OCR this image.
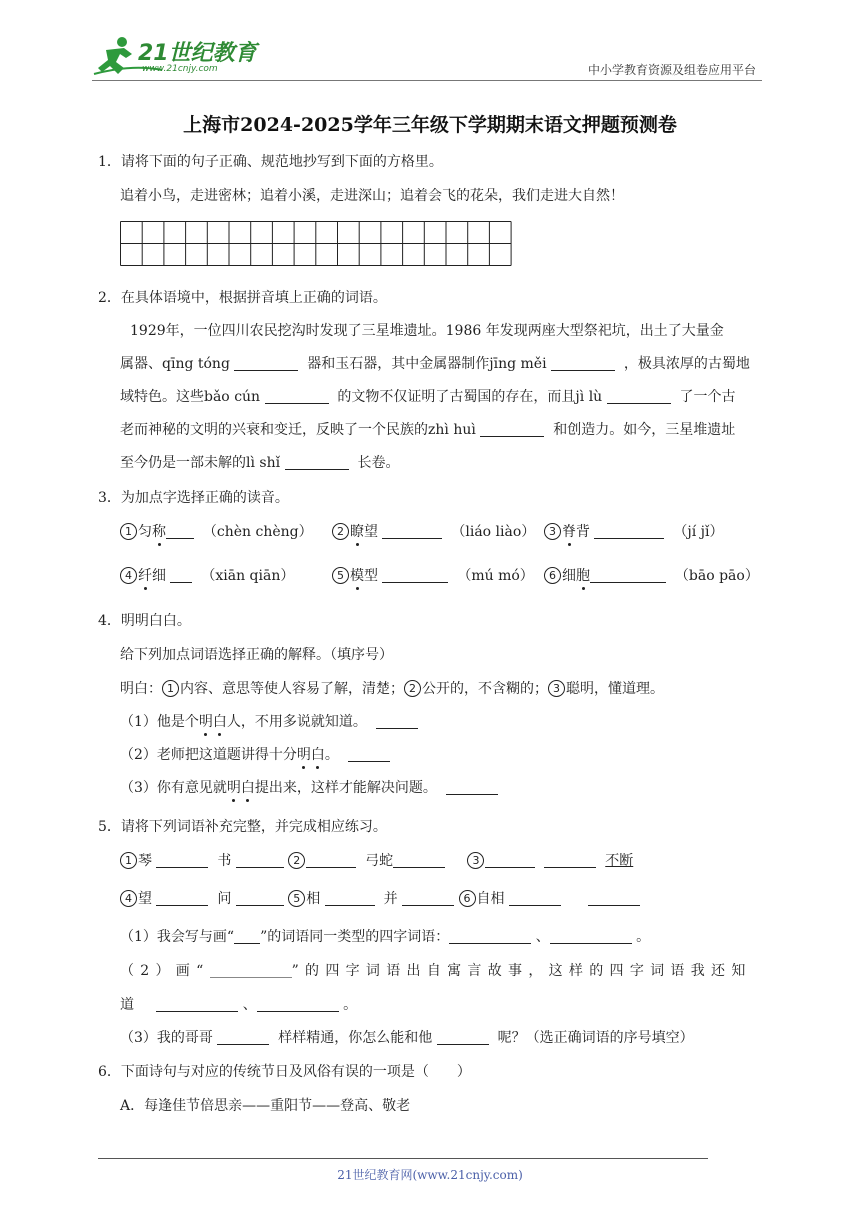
21世纪教育
www.21cnjy.com	中小学教育资源及组卷应用平台
上海市2024-2025学年三年级下学期期末语文押题预测卷
1．请将下面的句子正确、规范地抄写到下面的方格里。
追着小鸟，走进密林；追着小溪，走进深山；追着会飞的花朵，我们走进大自然！
2．在具体语境中，根据拼音填上正确的词语。
1929年，一位四川农民挖沟时发现了三星堆遗址。1986 年发现两座大型祭祀坑，出土了大量金
属器、qīng tóng	器和玉石器，其中金属器制作jīng měi	，极具浓厚的古蜀地
域特色。这些bǎo cún	的文物不仅证明了古蜀国的存在，而且jì lù	了一个古
老而神秘的文明的兴衰和变迁，反映了一个民族的zhì huì	和创造力。如今，三星堆遗址
至今仍是一部未解的lì shǐ	长卷。
3．为加点字选择正确的读音。
1 匀称	（chèn chèng）	2 瞭望	（liáo liào）	3 脊背	（jí jǐ）
4 纤细	（xiān qiān）	5 模型	（mú mó）	6 细胞	（bāo pāo）
4．明明白白。
给下列加点词语选择正确的解释。（填序号）
明白： 1 内容、意思等使人容易了解，清楚； 2 公开的，不含糊的； 3 聪明，懂道理。
（1）他是个明白人，不用多说就知道。
（2）老师把这道题讲得十分明白。
（3）你有意见就明白提出来，这样才能解决问题。
5．请将下列词语补充完整，并完成相应练习。
1 琴	书	2	弓蛇	3	不断
4 望	问	5 相	并	6 自相
（1）我会写与画“ ”的词语同一类型的四字词语：	、	。
（2）画“	”的四字词语出自寓言故事，这样的四字词语我还知
道	、	。
（3）我的哥哥	样样精通，你怎么能和他	呢？（选正确词语的序号填空）
6．下面诗句与对应的传统节日及风俗有误的一项是（　　）
A．每逢佳节倍思亲——重阳节——登高、敬老
21世纪教育网(www.21cnjy.com)
